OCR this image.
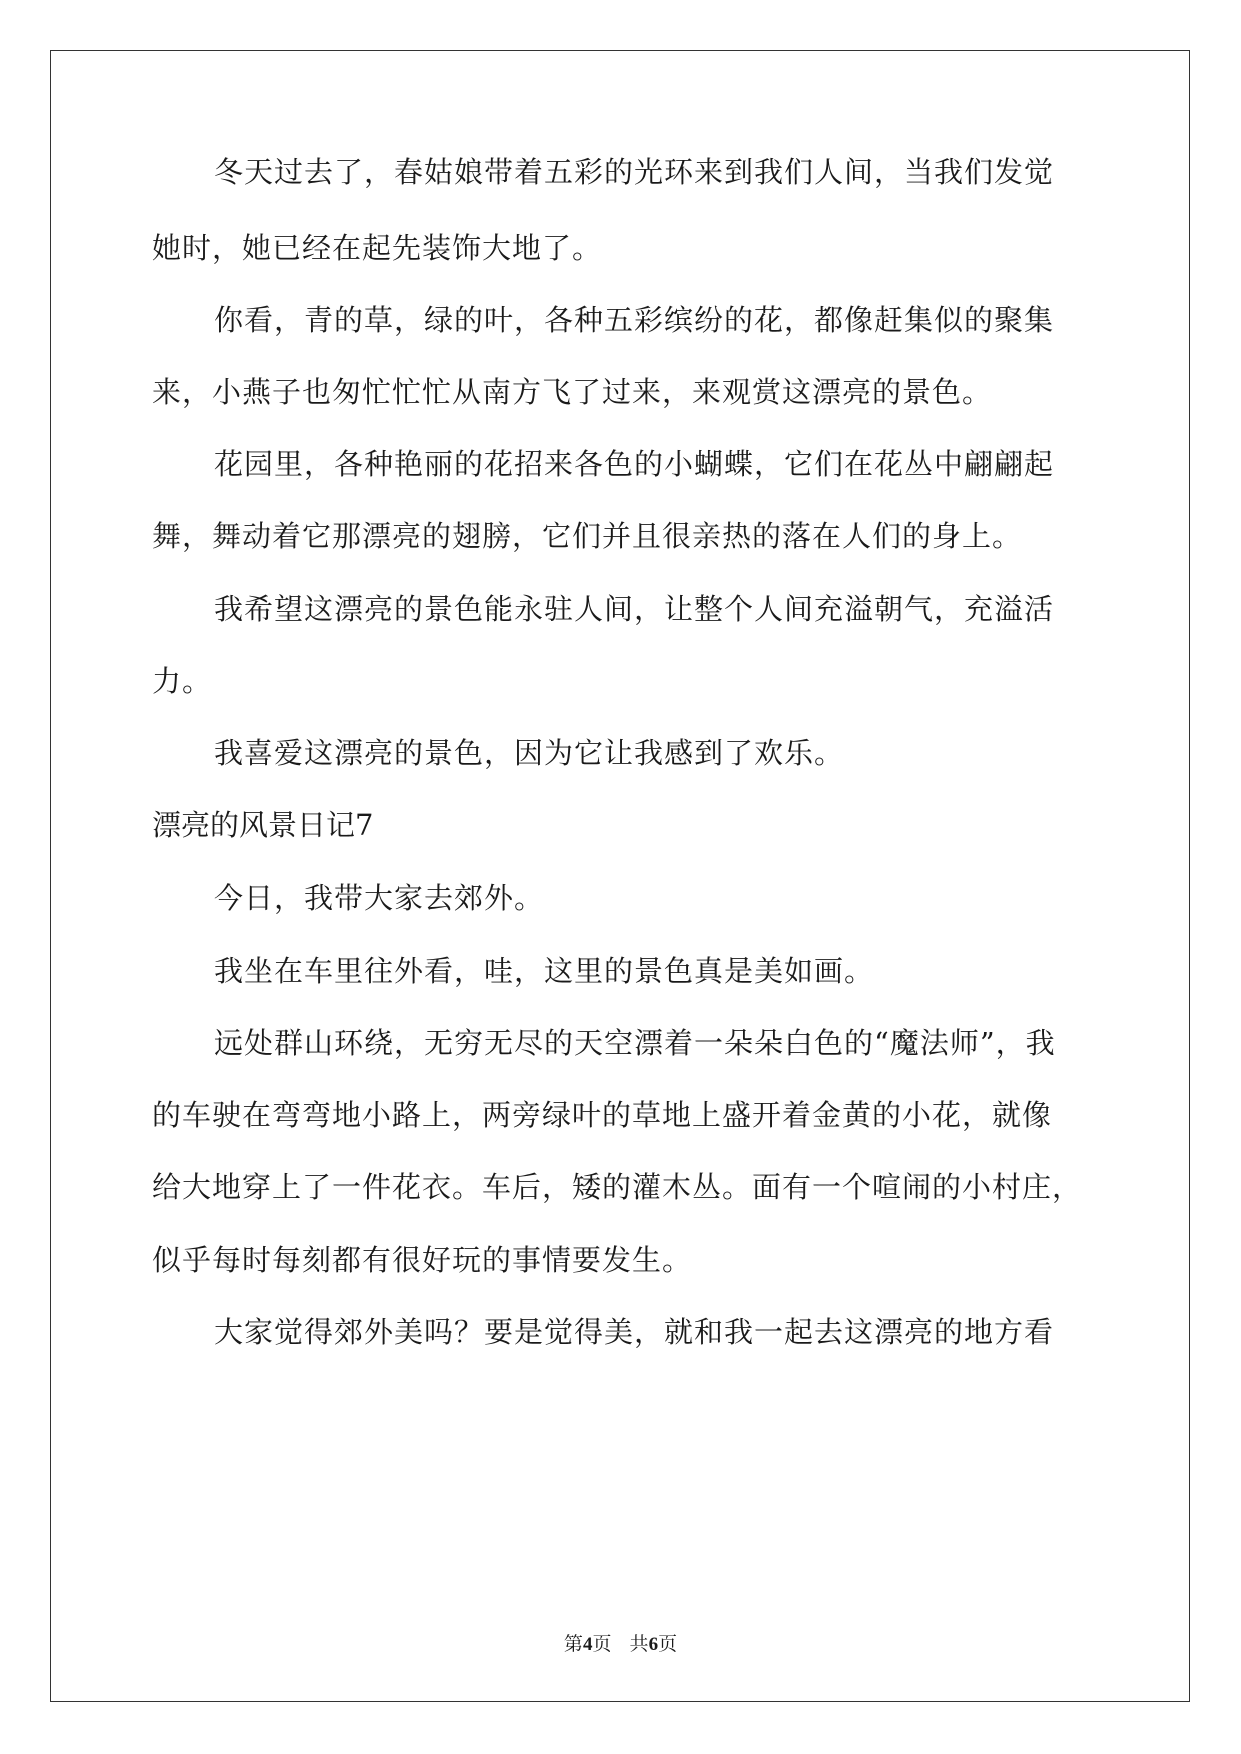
冬天过去了，春姑娘带着五彩的光环来到我们人间，当我们发觉
她时，她已经在起先装饰大地了。
你看，青的草，绿的叶，各种五彩缤纷的花，都像赶集似的聚集
来，小燕子也匆忙忙忙从南方飞了过来，来观赏这漂亮的景色。
花园里，各种艳丽的花招来各色的小蝴蝶，它们在花丛中翩翩起
舞，舞动着它那漂亮的翅膀，它们并且很亲热的落在人们的身上。
我希望这漂亮的景色能永驻人间，让整个人间充溢朝气，充溢活
力。
我喜爱这漂亮的景色，因为它让我感到了欢乐。
漂亮的风景日记7
今日，我带大家去郊外。
我坐在车里往外看，哇，这里的景色真是美如画。
远处群山环绕，无穷无尽的天空漂着一朵朵白色的“魔法师”，我
的车驶在弯弯地小路上，两旁绿叶的草地上盛开着金黄的小花，就像
给大地穿上了一件花衣。车后，矮的灌木丛。面有一个喧闹的小村庄，
似乎每时每刻都有很好玩的事情要发生。
大家觉得郊外美吗？要是觉得美，就和我一起去这漂亮的地方看
第4页   共6页
